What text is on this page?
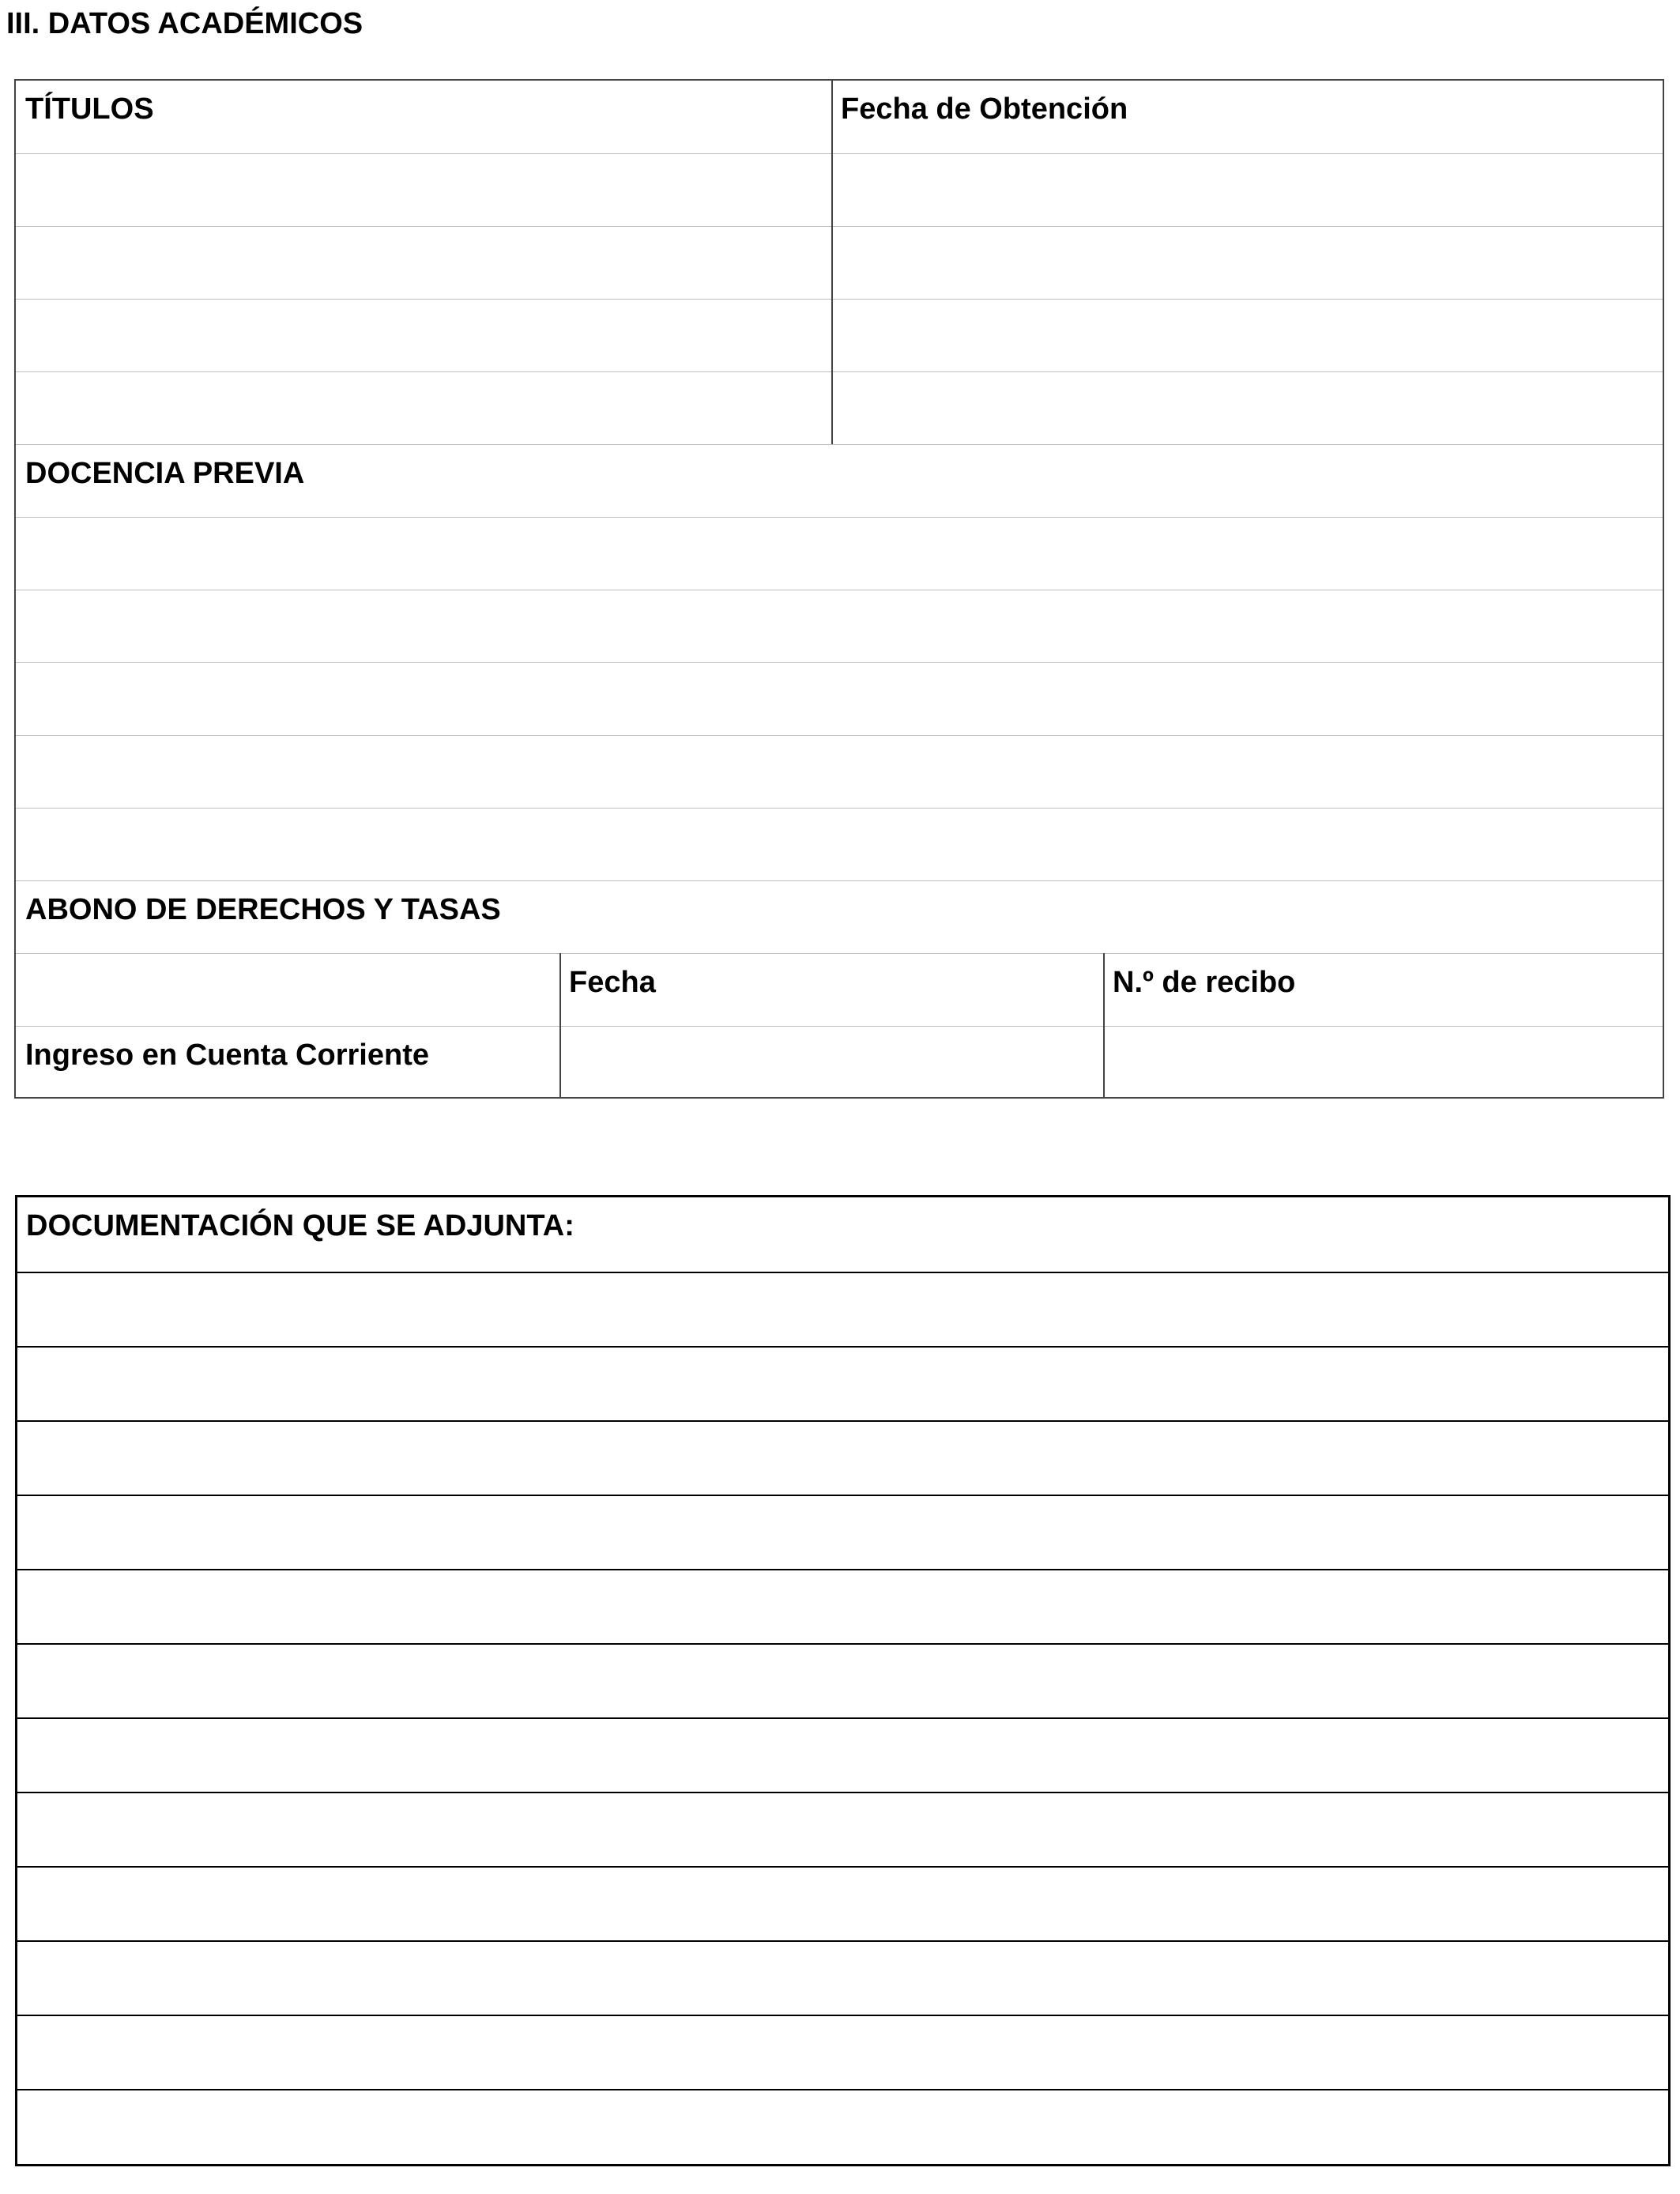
III. DATOS ACADÉMICOS
TÍTULOS	Fecha de Obtención
DOCENCIA PREVIA
ABONO DE DERECHOS Y TASAS
Fecha	N.º de recibo
Ingreso en Cuenta Corriente
DOCUMENTACIÓN QUE SE ADJUNTA:
